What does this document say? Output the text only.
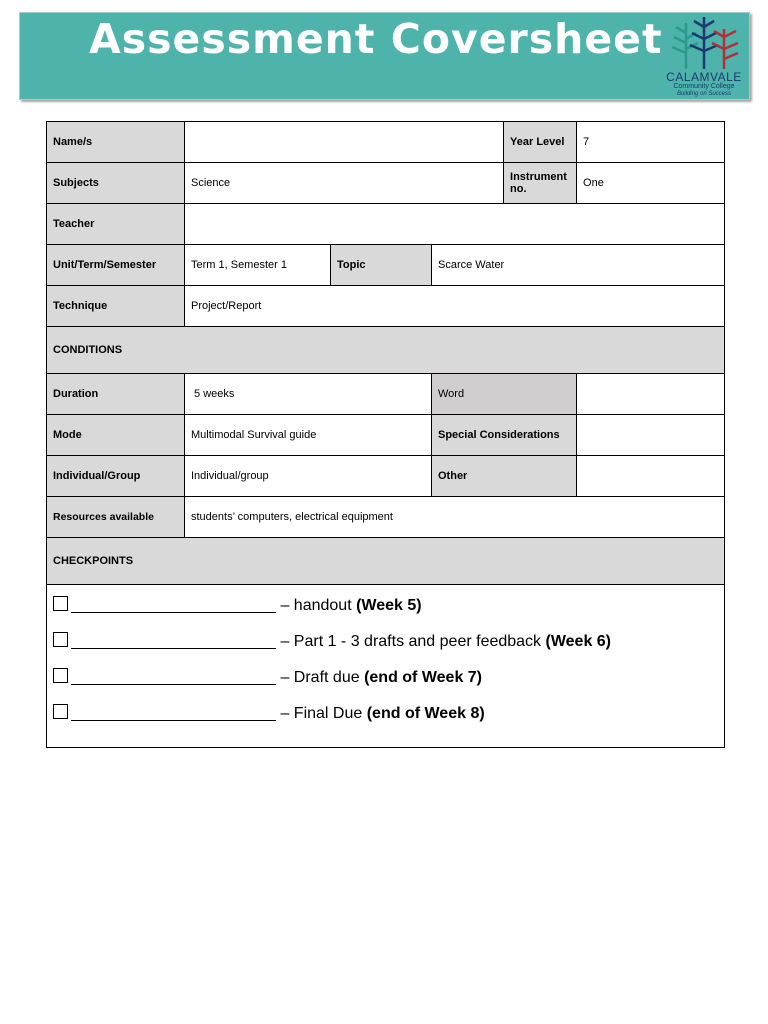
Assessment Coversheet
CALAMVALE
Community College
Building on Success
Name/s				Year Level	7
Subjects	Science			Instrument no.	One
Teacher					
Unit/Term/Semester	Term 1, Semester 1	Topic	Scarce Water		
Technique	Project/Report				
CONDITIONS					
Duration	5 weeks		Word		
Mode	Multimodal Survival guide		Special Considerations		
Individual/Group	Individual/group		Other		
Resources available	students’ computers, electrical equipment				
CHECKPOINTS					

– handout (Week 5)
– Part 1 - 3 drafts and peer feedback (Week 6)
– Draft due (end of Week 7)
– Final Due (end of Week 8)					
